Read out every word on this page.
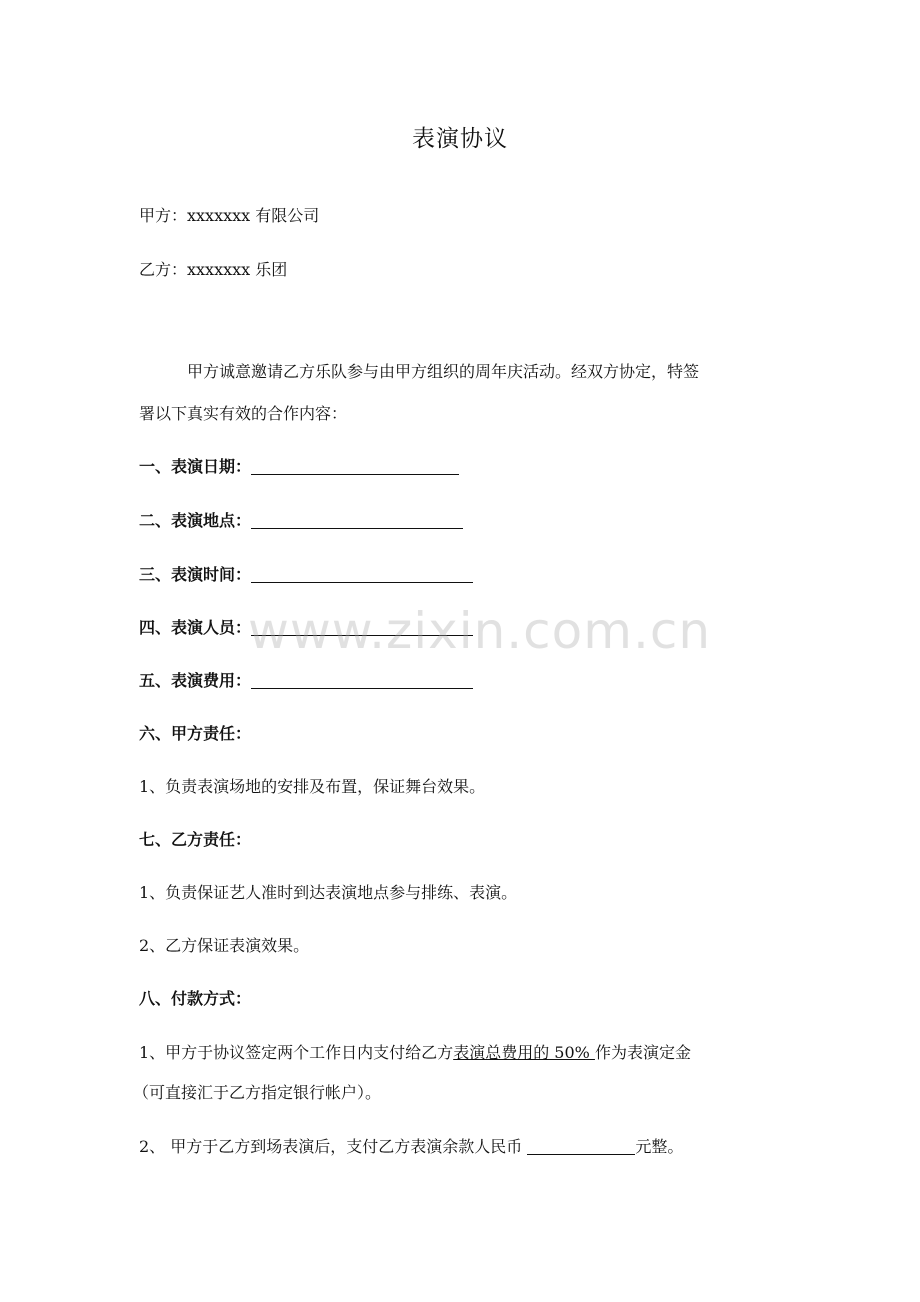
表演协议
甲方：xxxxxxx 有限公司
乙方：xxxxxxx 乐团
甲方诚意邀请乙方乐队参与由甲方组织的周年庆活动。经双方协定，特签
署以下真实有效的合作内容：
一、表演日期：
二、表演地点：
三、表演时间：
四、表演人员：
五、表演费用：
六、甲方责任：
1、负责表演场地的安排及布置，保证舞台效果。
七、乙方责任：
1、负责保证艺人准时到达表演地点参与排练、表演。
2、乙方保证表演效果。
八、付款方式：
1、甲方于协议签定两个工作日内支付给乙方表演总费用的 50% 作为表演定金
（可直接汇于乙方指定银行帐户）。
2、 甲方于乙方到场表演后，支付乙方表演余款人民币	元整。
www.zixin.com.cn
